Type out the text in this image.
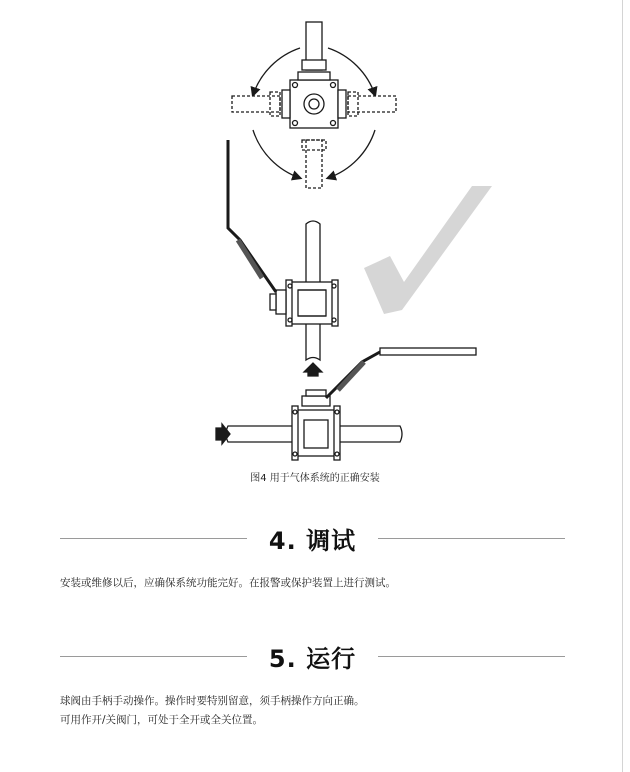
图4 用于气体系统的正确安装
4. 调试
安装或维修以后，应确保系统功能完好。在报警或保护装置上进行测试。
5. 运行
球阀由手柄手动操作。操作时要特别留意，须手柄操作方向正确。
可用作开/关阀门，可处于全开或全关位置。
